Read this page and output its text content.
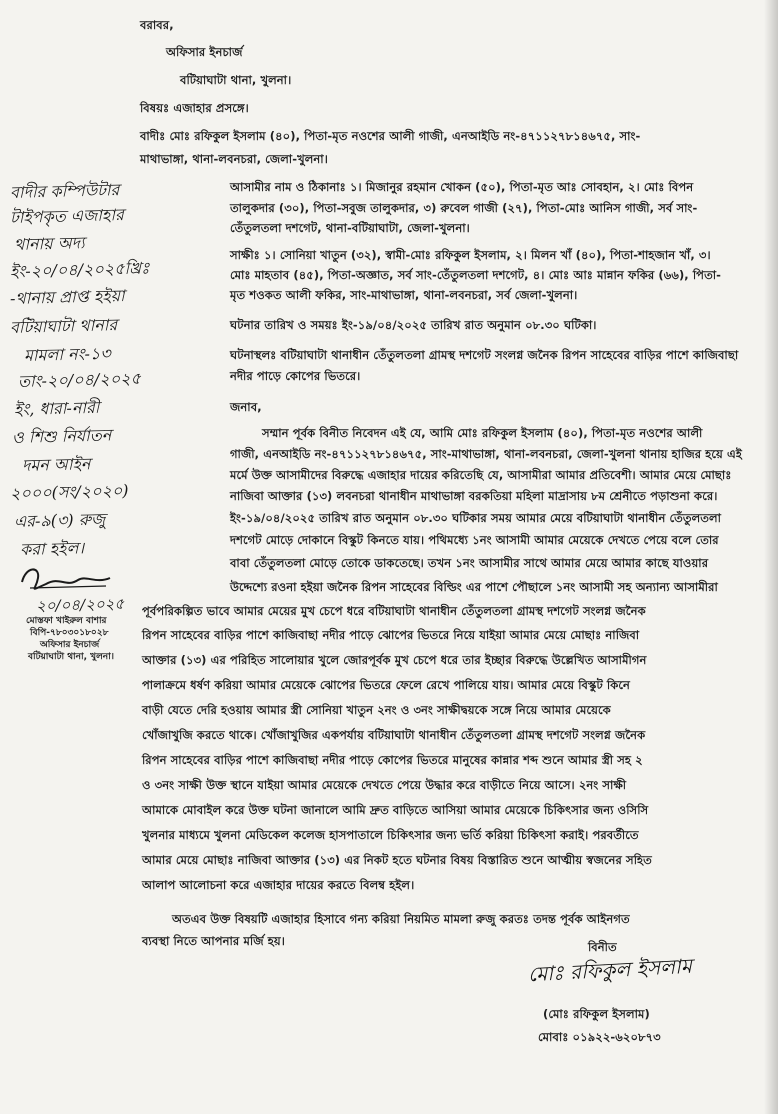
বরাবর,
অফিসার ইনচার্জ
বটিয়াঘাটা থানা, খুলনা।
বিষয়ঃ এজাহার প্রসঙ্গে।
বাদীঃ মোঃ রফিকুল ইসলাম (৪০), পিতা-মৃত নওশের আলী গাজী, এনআইডি নং-৪৭১১২৭৮১৪৬৭৫, সাং-
মাথাভাঙ্গা, থানা-লবনচরা, জেলা-খুলনা।
আসামীর নাম ও ঠিকানাঃ ১। মিজানুর রহমান খোকন (৫০), পিতা-মৃত আঃ সোবহান, ২। মোঃ বিপন
তালুকদার (৩০), পিতা-সবুজ তালুকদার, ৩) রুবেল গাজী (২৭), পিতা-মোঃ আনিস গাজী, সর্ব সাং-
তেঁতুলতলা দশগেট, থানা-বটিয়াঘাটা, জেলা-খুলনা।
সাক্ষীঃ ১। সোনিয়া খাতুন (৩২), স্বামী-মোঃ রফিকুল ইসলাম, ২। মিলন খাঁ (৪০), পিতা-শাহজান খাঁ, ৩।
মোঃ মাহতাব (৪৫), পিতা-অজ্ঞাত, সর্ব সাং-তেঁতুলতলা দশগেট, ৪। মোঃ আঃ মান্নান ফকির (৬৬), পিতা-
মৃত শওকত আলী ফকির, সাং-মাথাভাঙ্গা, থানা-লবনচরা, সর্ব জেলা-খুলনা।
ঘটনার তারিখ ও সময়ঃ ইং-১৯/০৪/২০২৫ তারিখ রাত অনুমান ০৮.৩০ ঘটিকা।
ঘটনাস্থলঃ বটিয়াঘাটা থানাধীন তেঁতুলতলা গ্রামস্থ দশগেট সংলগ্ন জনৈক রিপন সাহেবের বাড়ির পাশে কাজিবাছা
নদীর পাড়ে কোপের ভিতরে।
জনাব,
সম্মান পূর্বক বিনীত নিবেদন এই যে, আমি মোঃ রফিকুল ইসলাম (৪০), পিতা-মৃত নওশের আলী
গাজী, এনআইডি নং-৪৭১১২৭৮১৪৬৭৫, সাং-মাথাভাঙ্গা, থানা-লবনচরা, জেলা-খুলনা থানায় হাজির হয়ে এই
মর্মে উক্ত আসামীদের বিরুদ্ধে এজাহার দায়ের করিতেছি যে, আসামীরা আমার প্রতিবেশী। আমার মেয়ে মোছাঃ
নাজিবা আক্তার (১৩) লবনচরা থানাধীন মাথাভাঙ্গা বরকতিয়া মহিলা মাদ্রাসায় ৮ম শ্রেনীতে পড়াশুনা করে।
ইং-১৯/০৪/২০২৫ তারিখ রাত অনুমান ০৮.৩০ ঘটিকার সময় আমার মেয়ে বটিয়াঘাটা থানাধীন তেঁতুলতলা
দশগেট মোড়ে দোকানে বিস্কুট কিনতে যায়। পথিমধ্যে ১নং আসামী আমার মেয়েকে দেখতে পেয়ে বলে তোর
বাবা তেঁতুলতলা মোড়ে তোকে ডাকতেছে। তখন ১নং আসামীর সাথে আমার মেয়ে আমার কাছে যাওয়ার
উদ্দেশ্যে রওনা হইয়া জনৈক রিপন সাহেবের বিল্ডিং এর পাশে পৌছালে ১নং আসামী সহ অন্যান্য আসামীরা
পূর্বপরিকল্পিত ভাবে আমার মেয়ের মুখ চেপে ধরে বটিয়াঘাটা থানাধীন তেঁতুলতলা গ্রামস্থ দশগেট সংলগ্ন জনৈক
রিপন সাহেবের বাড়ির পাশে কাজিবাছা নদীর পাড়ে ঝোপের ভিতরে নিয়ে যাইয়া আমার মেয়ে মোছাঃ নাজিবা
আক্তার (১৩) এর পরিহিত সালোয়ার খুলে জোরপূর্বক মুখ চেপে ধরে তার ইচ্ছার বিরুদ্ধে উল্লেখিত আসামীগন
পালাক্রমে ধর্ষণ করিয়া আমার মেয়েকে ঝোপের ভিতরে ফেলে রেখে পালিয়ে যায়। আমার মেয়ে বিস্কুট কিনে
বাড়ী যেতে দেরি হওয়ায় আমার স্ত্রী সোনিয়া খাতুন ২নং ও ৩নং সাক্ষীদ্বয়কে সঙ্গে নিয়ে আমার মেয়েকে
খোঁজাখুজি করতে থাকে। খোঁজাখুজির একপর্যায় বটিয়াঘাটা থানাধীন তেঁতুলতলা গ্রামস্থ দশগেট সংলগ্ন জনৈক
রিপন সাহেবের বাড়ির পাশে কাজিবাছা নদীর পাড়ে কোপের ভিতরে মানুষের কান্নার শব্দ শুনে আমার স্ত্রী সহ ২
ও ৩নং সাক্ষী উক্ত স্থানে যাইয়া আমার মেয়েকে দেখতে পেয়ে উদ্ধার করে বাড়ীতে নিয়ে আসে। ২নং সাক্ষী
আমাকে মোবাইল করে উক্ত ঘটনা জানালে আমি দ্রুত বাড়িতে আসিয়া আমার মেয়েকে চিকিৎসার জন্য ওসিসি
খুলনার মাধ্যমে খুলনা মেডিকেল কলেজ হাসপাতালে চিকিৎসার জন্য ভর্তি করিয়া চিকিৎসা করাই। পরবর্তীতে
আমার মেয়ে মোছাঃ নাজিবা আক্তার (১৩) এর নিকট হতে ঘটনার বিষয় বিস্তারিত শুনে আত্মীয় স্বজনের সহিত
আলাপ আলোচনা করে এজাহার দায়ের করতে বিলম্ব হইল।
অতএব উক্ত বিষয়টি এজাহার হিসাবে গন্য করিয়া নিয়মিত মামলা রুজু করতঃ তদন্ত পূর্বক আইনগত
ব্যবস্থা নিতে আপনার মর্জি হয়।	বিনীত
মোঃ রফিকুল ইসলাম
(মোঃ রফিকুল ইসলাম)
মোবাঃ ০১৯২২-৬২০৮৭৩
বাদীর কম্পিউটার
টাইপকৃত এজাহার
থানায় অদ্য
ইং-২০/০৪/২০২৫খ্রিঃ
-থানায় প্রাপ্ত হইয়া
বটিয়াঘাটা থানার
মামলা নং-১৩
তাং-২০/০৪/২০২৫
ইং, ধারা-নারী
ও শিশু নির্যাতন
দমন আইন
২০০০(সং/২০২০)
এর-৯(৩) রুজু
করা হইল।
২০/০৪/২০২৫
মোস্তফা খাইরুল বাশার
বিপি-৭৮০৩০১৮০২৮
অফিসার ইনচার্জ
বটিয়াঘাটা থানা, খুলনা।
